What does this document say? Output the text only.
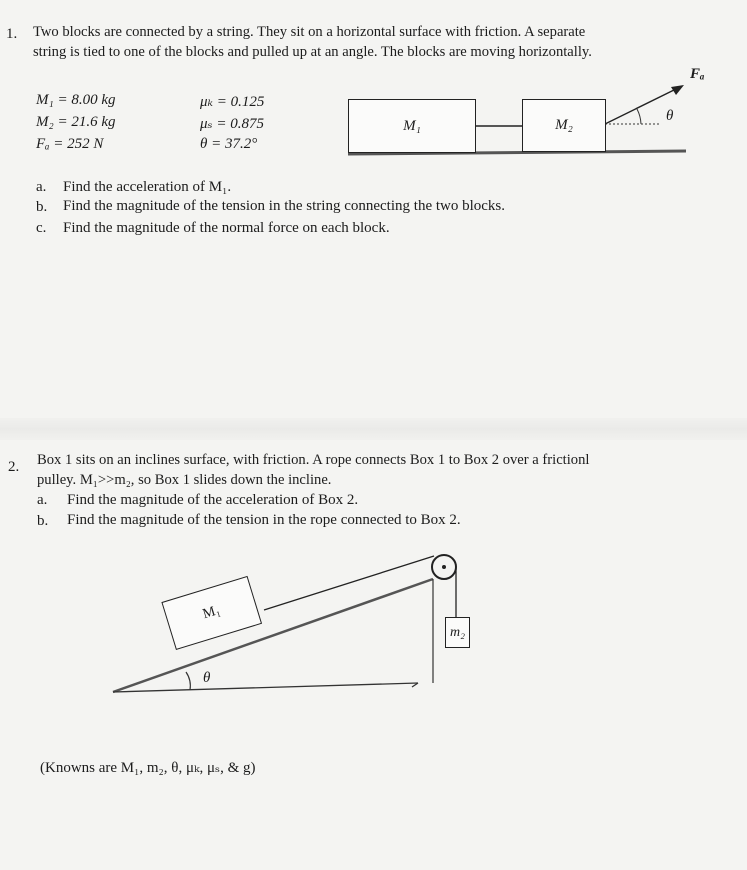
1. Two blocks are connected by a string. They sit on a horizontal surface with friction. A separate
string is tied to one of the blocks and pulled up at an angle. The blocks are moving horizontally.
M₁ = 8.00 kg
M₂ = 21.6 kg
Fₐ = 252 N
μₖ = 0.125
μₛ = 0.875
θ = 37.2°
M₁	M₂
Fₐ
θ
a. Find the acceleration of M₁.
b. Find the magnitude of the tension in the string connecting the two blocks.
c. Find the magnitude of the normal force on each block.
2. Box 1 sits on an inclines surface, with friction. A rope connects Box 1 to Box 2 over a frictionl
pulley. M₁>>m₂, so Box 1 slides down the incline.
a. Find the magnitude of the acceleration of Box 2.
b. Find the magnitude of the tension in the rope connected to Box 2.
M₁
m₂
θ
(Knowns are M₁, m₂, θ, μₖ, μₛ, & g)
